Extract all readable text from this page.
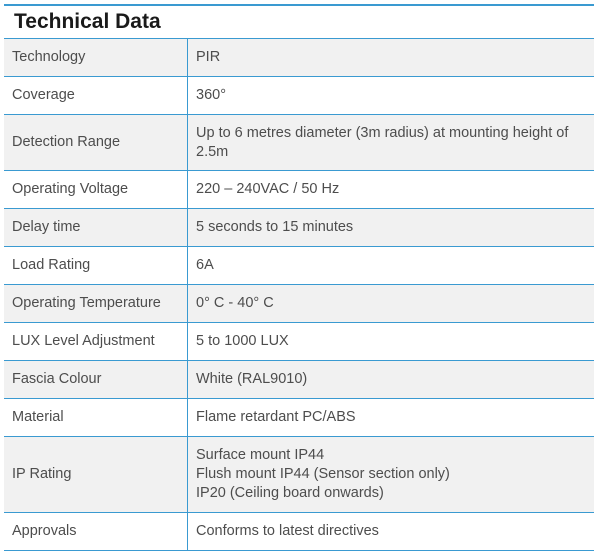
Technical Data
Technology	PIR
Coverage	360°
Detection Range	Up to 6 metres diameter (3m radius) at mounting height of 2.5m
Operating Voltage	220 – 240VAC / 50 Hz
Delay time	5 seconds to 15 minutes
Load Rating	6A
Operating Temperature	0° C - 40° C
LUX Level Adjustment	5 to 1000 LUX
Fascia Colour	White (RAL9010)
Material	Flame retardant PC/ABS
IP Rating	Surface mount IP44
Flush mount IP44 (Sensor section only)
IP20 (Ceiling board onwards)

Approvals	Conforms to latest directives
